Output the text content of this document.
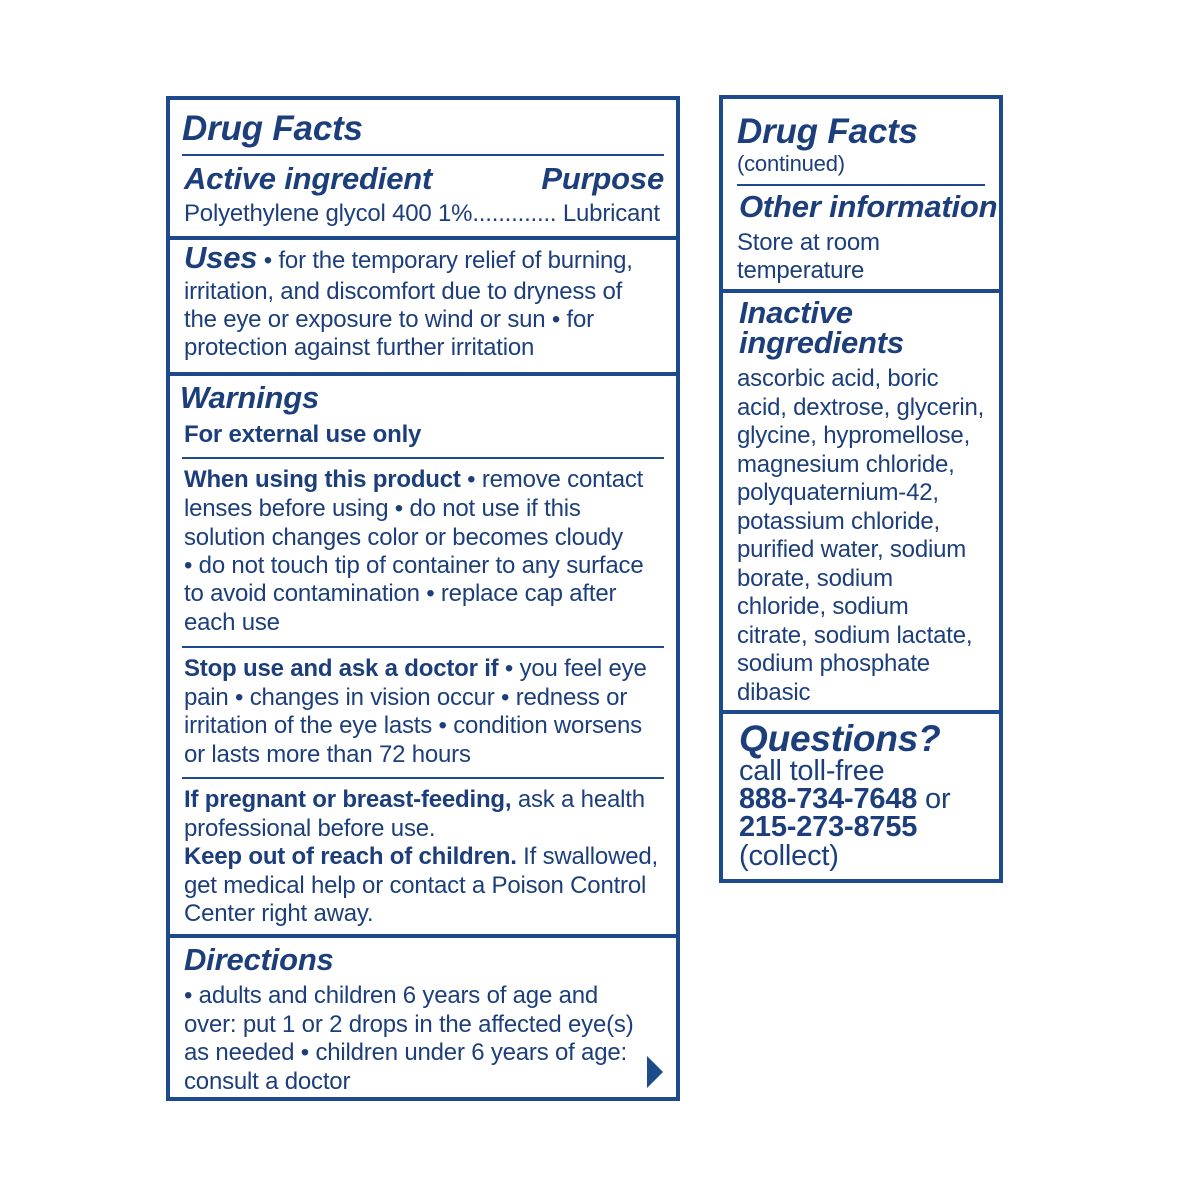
Drug Facts
Active ingredient	Purpose
Polyethylene glycol 400 1%............. Lubricant
Uses • for the temporary relief of burning,
irritation, and discomfort due to dryness of
the eye or exposure to wind or sun • for
protection against further irritation
Warnings
For external use only
When using this product • remove contact
lenses before using • do not use if this
solution changes color or becomes cloudy
• do not touch tip of container to any surface
to avoid contamination • replace cap after
each use
Stop use and ask a doctor if • you feel eye
pain • changes in vision occur • redness or
irritation of the eye lasts • condition worsens
or lasts more than 72 hours
If pregnant or breast-feeding, ask a health
professional before use.
Keep out of reach of children. If swallowed,
get medical help or contact a Poison Control
Center right away.
Directions
• adults and children 6 years of age and
over: put 1 or 2 drops in the affected eye(s)
as needed • children under 6 years of age:
consult a doctor
Drug Facts
(continued)
Other information
Store at room
temperature
Inactive
ingredients
ascorbic acid, boric
acid, dextrose, glycerin,
glycine, hypromellose,
magnesium chloride,
polyquaternium-42,
potassium chloride,
purified water, sodium
borate, sodium
chloride, sodium
citrate, sodium lactate,
sodium phosphate
dibasic
Questions?
call toll-free
888-734-7648 or
215-273-8755
(collect)
